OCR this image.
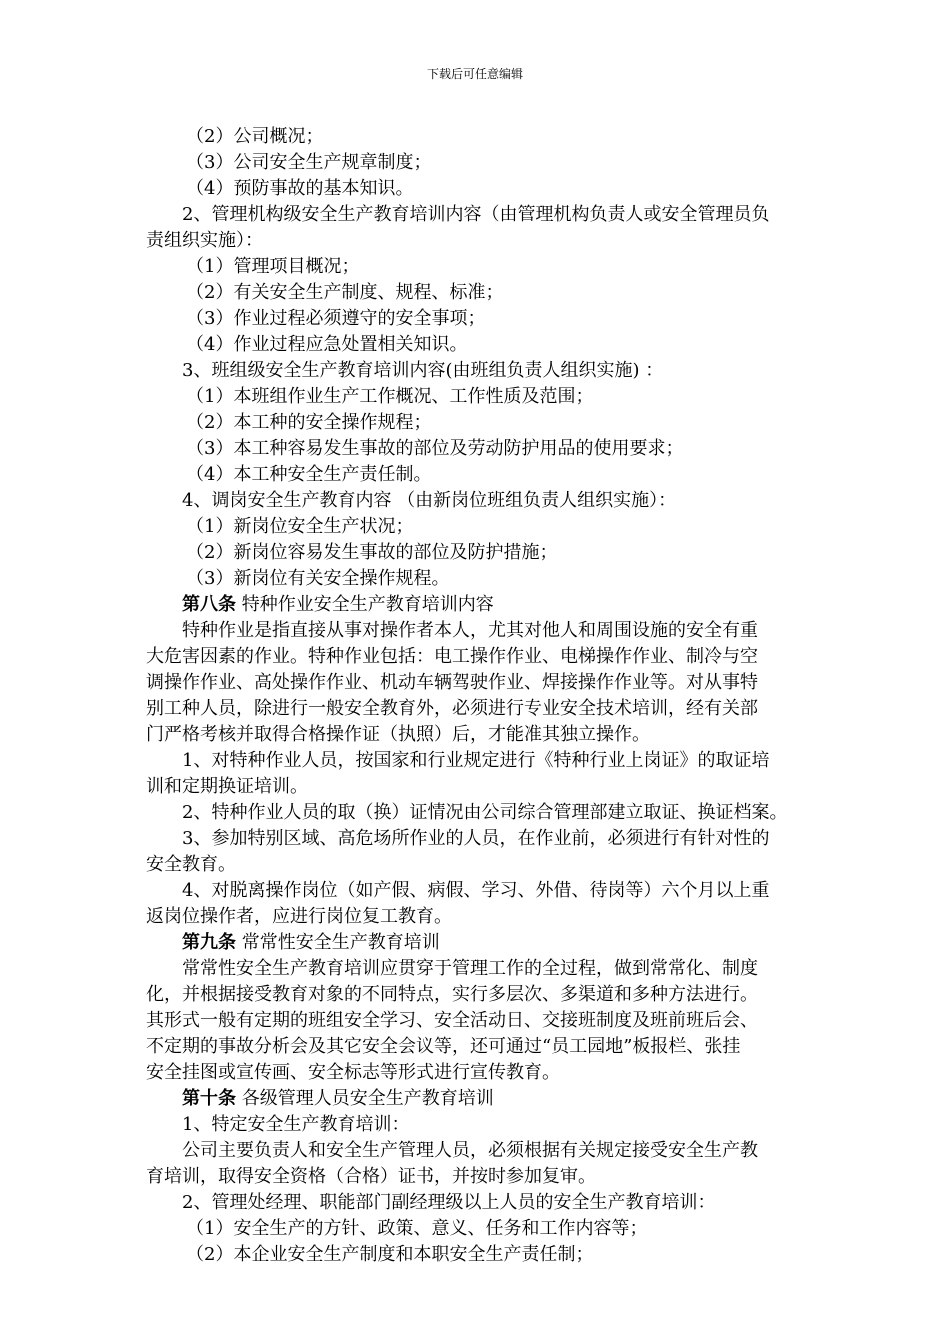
下载后可任意编辑
（2）公司概况；
（3）公司安全生产规章制度；
（4）预防事故的基本知识。
2、管理机构级安全生产教育培训内容（由管理机构负责人或安全管理员负
责组织实施）：
（1）管理项目概况；
（2）有关安全生产制度、规程、标准；
（3）作业过程必须遵守的安全事项；
（4）作业过程应急处置相关知识。
3、班组级安全生产教育培训内容(由班组负责人组织实施) ：
（1）本班组作业生产工作概况、工作性质及范围；
（2）本工种的安全操作规程；
（3）本工种容易发生事故的部位及劳动防护用品的使用要求；
（4）本工种安全生产责任制。
4、调岗安全生产教育内容 （由新岗位班组负责人组织实施）：
（1）新岗位安全生产状况；
（2）新岗位容易发生事故的部位及防护措施；
（3）新岗位有关安全操作规程。
第八条 特种作业安全生产教育培训内容
特种作业是指直接从事对操作者本人，尤其对他人和周围设施的安全有重
大危害因素的作业。特种作业包括：电工操作作业、电梯操作作业、制冷与空
调操作作业、高处操作作业、机动车辆驾驶作业、焊接操作作业等。对从事特
别工种人员，除进行一般安全教育外，必须进行专业安全技术培训，经有关部
门严格考核并取得合格操作证（执照）后，才能准其独立操作。
1、对特种作业人员，按国家和行业规定进行《特种行业上岗证》的取证培
训和定期换证培训。
2、特种作业人员的取（换）证情况由公司综合管理部建立取证、换证档案。
3、参加特别区域、高危场所作业的人员，在作业前，必须进行有针对性的
安全教育。
4、对脱离操作岗位（如产假、病假、学习、外借、待岗等）六个月以上重
返岗位操作者，应进行岗位复工教育。
第九条 常常性安全生产教育培训
常常性安全生产教育培训应贯穿于管理工作的全过程，做到常常化、制度
化，并根据接受教育对象的不同特点，实行多层次、多渠道和多种方法进行。
其形式一般有定期的班组安全学习、安全活动日、交接班制度及班前班后会、
不定期的事故分析会及其它安全会议等，还可通过“员工园地”板报栏、张挂
安全挂图或宣传画、安全标志等形式进行宣传教育。
第十条 各级管理人员安全生产教育培训
1、特定安全生产教育培训：
公司主要负责人和安全生产管理人员，必须根据有关规定接受安全生产教
育培训，取得安全资格（合格）证书，并按时参加复审。
2、管理处经理、职能部门副经理级以上人员的安全生产教育培训：
（1）安全生产的方针、政策、意义、任务和工作内容等；
（2）本企业安全生产制度和本职安全生产责任制；
